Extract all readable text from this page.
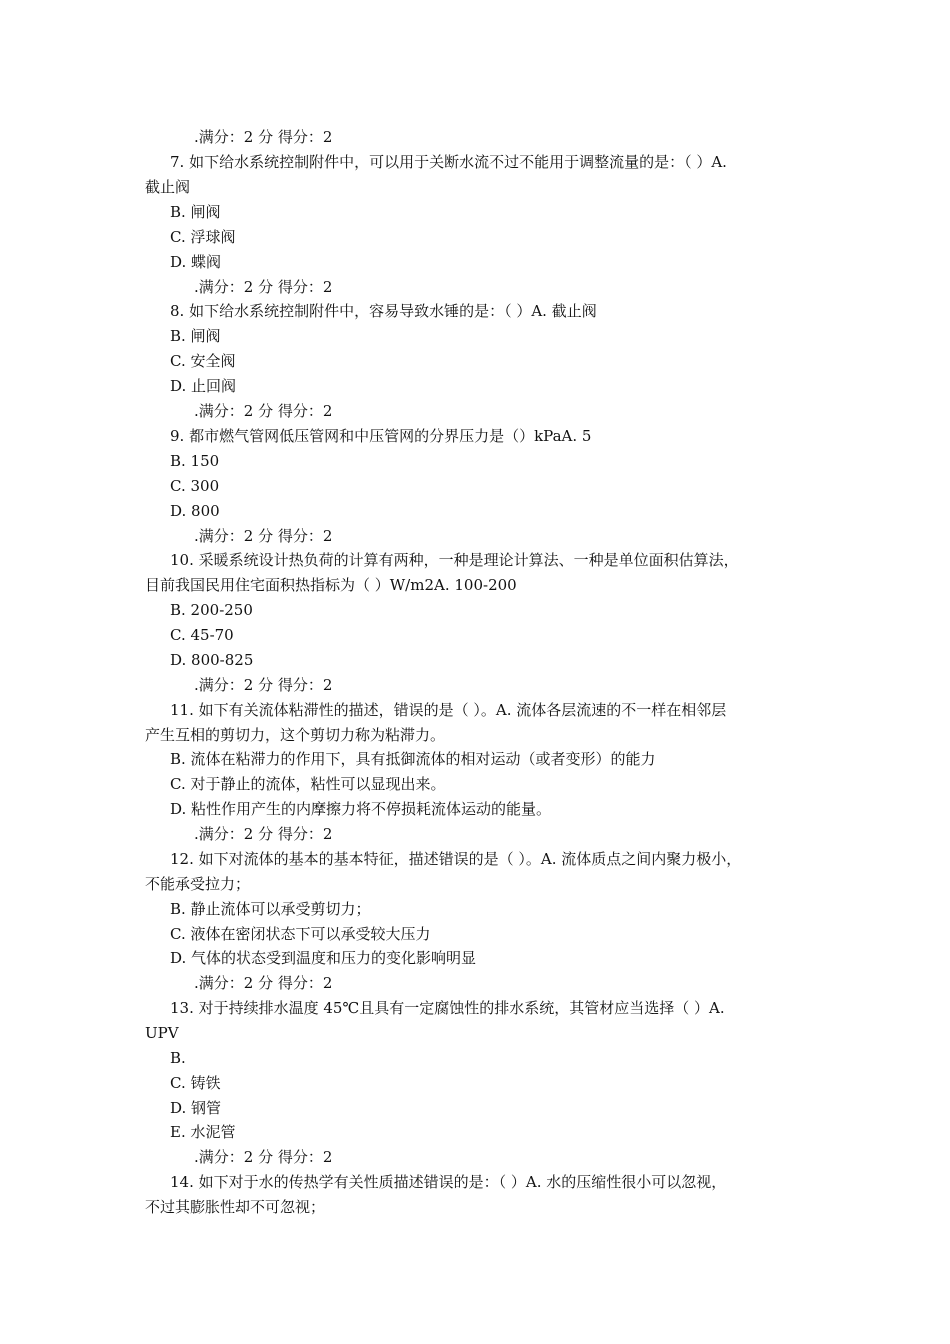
.满分：2 分 得分：2
7. 如下给水系统控制附件中，可以用于关断水流不过不能用于调整流量的是：（ ）A.
截止阀
B. 闸阀
C. 浮球阀
D. 蝶阀
.满分：2 分 得分：2
8. 如下给水系统控制附件中，容易导致水锤的是：（ ）A. 截止阀
B. 闸阀
C. 安全阀
D. 止回阀
.满分：2 分 得分：2
9. 都市燃气管网低压管网和中压管网的分界压力是（）kPaA. 5
B. 150
C. 300
D. 800
.满分：2 分 得分：2
10. 采暖系统设计热负荷的计算有两种，一种是理论计算法、一种是单位面积估算法，
目前我国民用住宅面积热指标为（ ）W/m2A. 100-200
B. 200-250
C. 45-70
D. 800-825
.满分：2 分 得分：2
11. 如下有关流体粘滞性的描述，错误的是（ ）。A. 流体各层流速的不一样在相邻层
产生互相的剪切力，这个剪切力称为粘滞力。
B. 流体在粘滞力的作用下，具有抵御流体的相对运动（或者变形）的能力
C. 对于静止的流体，粘性可以显现出来。
D. 粘性作用产生的内摩擦力将不停损耗流体运动的能量。
.满分：2 分 得分：2
12. 如下对流体的基本的基本特征，描述错误的是（ ）。A. 流体质点之间内聚力极小，
不能承受拉力；
B. 静止流体可以承受剪切力；
C. 液体在密闭状态下可以承受较大压力
D. 气体的状态受到温度和压力的变化影响明显
.满分：2 分 得分：2
13. 对于持续排水温度 45℃且具有一定腐蚀性的排水系统，其管材应当选择（ ）A.
UPV
B.
C. 铸铁
D. 钢管
E. 水泥管
.满分：2 分 得分：2
14. 如下对于水的传热学有关性质描述错误的是：（ ）A. 水的压缩性很小可以忽视，
不过其膨胀性却不可忽视；
